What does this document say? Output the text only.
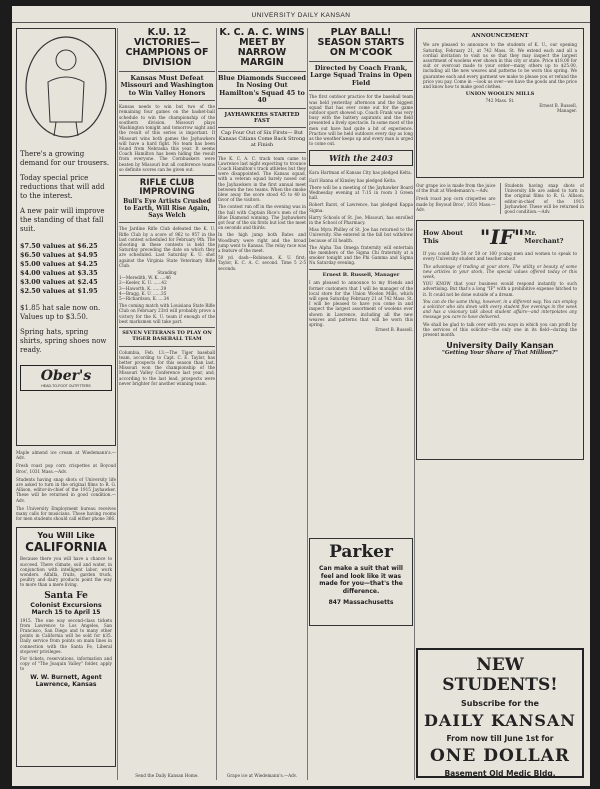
UNIVERSITY DAILY KANSAN
There's a growing demand for our trousers.
Today special price reductions that will add to the interest.
A new pair will improve the standing of that fall suit.
$7.50 values at $6.25
$6.50 values at $4.95
$5.00 values at $4.25
$4.00 values at $3.35
$3.00 values at $2.45
$2.50 values at $1.95
$1.85 hat sale now on. Values up to $3.50.
Spring hats, spring shirts, spring shoes now ready.
Ober's
HEAD-TO-FOOT OUTFITTERS
Maple almond ice cream at Wiedemann's.—Adv.
Fresh roast pop corn crispettes at Boyoud Bros', 1031 Mass.—Adv.
Students having snap shots of University life are asked to turn in the original films to R. G. Allison, editor-in-chief of the 1915 Jayhawker. These will be returned in good condition.—Adv.
The University Employment bureau receives many calls for musicians. Those having rooms for men students should call either phone 366.
You Will Like
CALIFORNIA
Because there you will have a chance to succeed. There climate, soil and water, in conjunction with intelligent labor, work wonders. Alfalfa, fruits, garden truck, poultry and dairy products point the way to more than a mere living.
Santa Fe
Colonist Excursions
March 15 to April 15
1915. The one way second-class tickets from Lawrence to Los Angeles, San Francisco, San Diego and to many other points in California will be sold for $35. Daily service from points on main lines in connection with the Santa Fe, Liberal stopover privileges.
For tickets, reservations, information and copy of "The Joaquin Valley" folder, apply to
W. W. Burnett, Agent
Lawrence, Kansas
K.U. 12 VICTORIES— CHAMPIONS OF DIVISION
Kansas Must Defeat Missouri and Washington to Win Valley Honors
Kansas needs to win but two of the remaining four games on the basket-ball schedule to win the championship of the southern division. Missouri plays Washington tonight and tomorrow night and the result of this series is important. If Missouri wins both games the Jayhawkers will have a hard fight. No team has been found from Nebraska this year. It seems Coach Hamilton has been hiding the result from everyone. The Cornhuskers were beaten by Missouri but all conference teams so definite scores can be given out.
RIFLE CLUB IMPROVING
Bull's Eye Artists Crushed to Earth, Will Rise Again, Says Welch
The Jardine Rifle Club defeated the K. U. Rifle Club by a score of 962 to 957 in the last contest scheduled for February 9th. The shooting in these contests is held the Saturday preceding the date on which they are scheduled. Last Saturday K. U. shot against the Virginia State Veterinary Rifle Club.
Standing
1—Meredith, W. K. ....46
2—Keeler, K. U. ......42
3—Haworth, K. ......39
4—Bragg, K. U. ......35
5—Richardson, K. ....34
The coming match with Louisiana State Rifle Club on February 23rd will probably prove a victory for the K. U. team if enough of the best marksmen will take part.
SEVEN VETERANS TO PLAY ON TIGER BASEBALL TEAM
Columbia, Feb. 13.—The Tiger baseball team, according to Capt. C. E. Taylor, has better prospects for this season than last. Missouri won the championship of the Missouri Valley Conference last year, and, according to the last lead, prospects were never brighter for another winning team.
Send the Daily Kansan Home.
K. C. A. C. WINS MEET BY NARROW MARGIN
Blue Diamonds Succeed In Nosing Out Hamilton's Squad 45 to 40
JAYHAWKERS STARTED FAST
Cap Four Out of Six Firsts— But Kansas Citians Come Back Strong at Finish
The K. C. A. C. track team came to Lawrence last night expecting to trounce Coach Hamilton's track athletes but they were disappointed. The Kansas squad, with a veteran squad barely nosed out the Jayhawkers in the first annual meet between the two teams. When the smoke blew away the score stood 45 to 40 in favor of the visitors.
The contest run off in the evening was in the hall with Captain Rice's men of the Blue Diamond winning. The Jayhawkers got four of the six firsts but lost the meet on seconds and thirds.
In the high jump both Bates and Woodbury were right and the broad jump went to Kansas. The relay race was a feature of the meet.
50 yd. dash—Robinson, K. U. first; Taylor, K. C. A. C. second. Time 5 2-5 seconds.
Grape ice at Wiedemann's.—Adv.
PLAY BALL! SEASON STARTS ON M'COOK
Directed by Coach Frank, Large Squad Trains in Open Field
The first outdoor practice for the baseball team was held yesterday afternoon and the biggest squad that has ever come out for the game outdoor sport showed up. Coach Frank was very busy with the battery aspirants and the field presented a lively spectacle. In some most of the men out have had quite a bit of experience. Practice will be held outdoors every day as long as the weather keeps up and every man is urged to come out.
With the 2403
Kara Hartman of Kansas City has pledged Kelta.
Earl Hanna of Kinsley has pledged Kelta.
There will be a meeting of the Jayhawker Board Wednesday evening at 7:15 in room 3 Green hall.
Robert Barst, of Lawrence, has pledged Kappa Sigma.
Harry Schools of St. Joe, Missouri, has enrolled in the School of Pharmacy.
Miss Myra Philley of St. Joe has returned to the University. She entered in the fall but withdrew because of ill health.
The Alpha Tau Omega fraternity will entertain the members of the Sigma Chi fraternity at a smoker tonight and the Phi Gamma and Sigma Nu Saturday evening.
Ernest B. Russell, Manager
I am pleased to announce to my friends and former customers that I will be manager of the local store for the Union Woolen Mills, which will open Saturday February 21 at 742 Mass. St. I will be pleased to have you come in and inspect the largest assortment of woolens ever shown in Lawrence, including all the new weaves and patterns that will be worn this spring.
Ernest B. Russell.
Parker
Can make a suit that will feel and look like it was made for you—that's the difference.
847 Massachusetts
ANNOUNCEMENT
We are pleased to announce to the students of K. U., our opening Saturday, February 21, at 742 Mass. St. We extend each and all a cordial invitation to visit us so that they may inspect the largest assortment of woolens ever shown in this city or state. Price $18.00 for suit or overcoat made to your order—many others up to $25.00, including all the new weaves and patterns to be worn this spring. We guarantee each and every garment we make to please you or refund the price you pay. Come in —look us over—we have the goods and the price and know how to make good clothes.
UNION WOOLEN MILLS
742 Mass. St.
Ernest B. Russell,
Manager.
Our grape ice is made from the juice of the fruit at Wiedemann's.—Adv.
Fresh roast pop corn crispettes are made by Boyoud Bros', 1031 Mass.—Adv.
Students having snap shots of University life are asked to turn in the original films to R. G. Allison, editor-in-chief of the 1915 Jayhawker. These will be returned in good condition.—Adv.
How About This	"IF" Mr. Merchant?
If you could live 50 or 50 or 100 young men and women to speak to every University student and teacher about
The advantage of trading at your store, The utility or beauty of some new articles in your stock, The special values offered today or this week,
YOU KNOW that your business would respond instantly to such advertising. But that's a long "IF" with a prohibitive expense hitched to it. It could not be done outside of a dream.
You can do the same thing, however, in a different way. You can employ a solicitor who sits down with every student five evenings in the week and has a visionary talk about student affairs—and interpolates any message you care to have delivered.
We shall be glad to talk over with you ways in which you can profit by the services of this solicitor—the only one in its field—during the present month.
University Daily Kansan
"Getting Your Share of That Million?"
NEW STUDENTS!
Subscribe for the
DAILY KANSAN
From now till June 1st for
ONE DOLLAR
Basement Old Medic Bldg.
